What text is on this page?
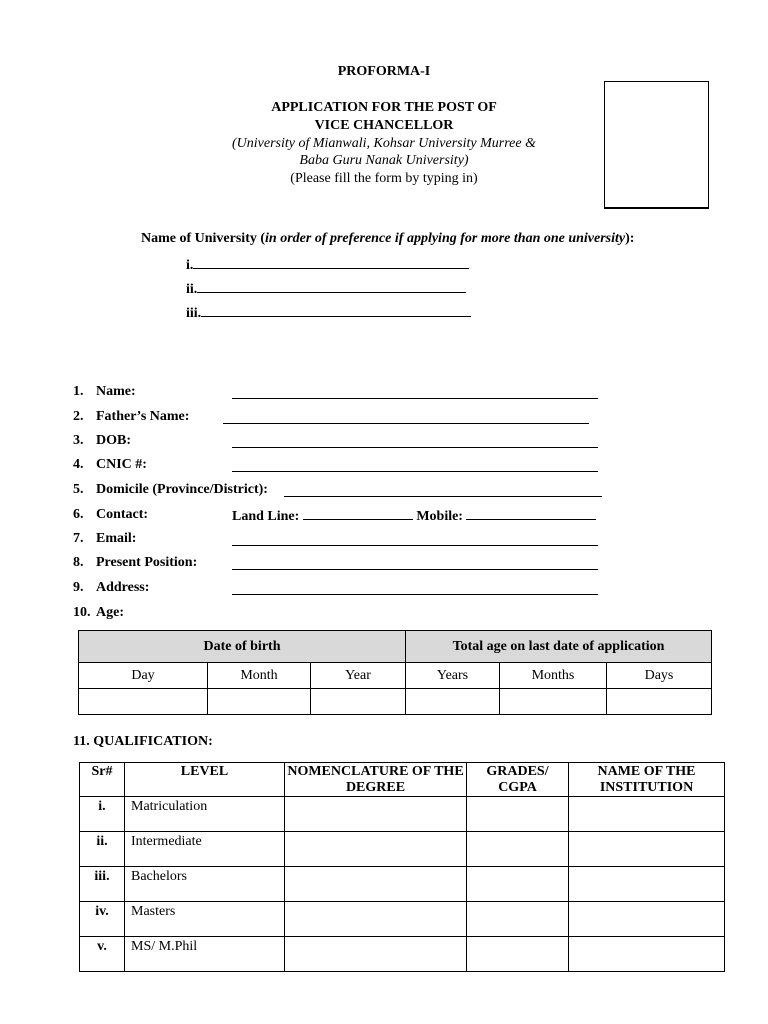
PROFORMA-I
APPLICATION FOR THE POST OF
VICE CHANCELLOR
(University of Mianwali, Kohsar University Murree &
Baba Guru Nanak University)
(Please fill the form by typing in)
Name of University (in order of preference if applying for more than one university):
i.
ii.
iii.
1. Name:
2. Father’s Name:
3. DOB:
4. CNIC #:
5. Domicile (Province/District):
6. Contact:	Land Line:	Mobile:
7. Email:
8. Present Position:
9. Address:
10. Age:
Date of birth			Total age on last date of application		
Day	Month	Year	Years	Months	Days

11. QUALIFICATION:
Sr#	LEVEL	NOMENCLATURE OF THE DEGREE	GRADES/ CGPA	NAME OF THE INSTITUTION
i.	Matriculation			
ii.	Intermediate			
iii.	Bachelors			
iv.	Masters			
v.	MS/ M.Phil			
